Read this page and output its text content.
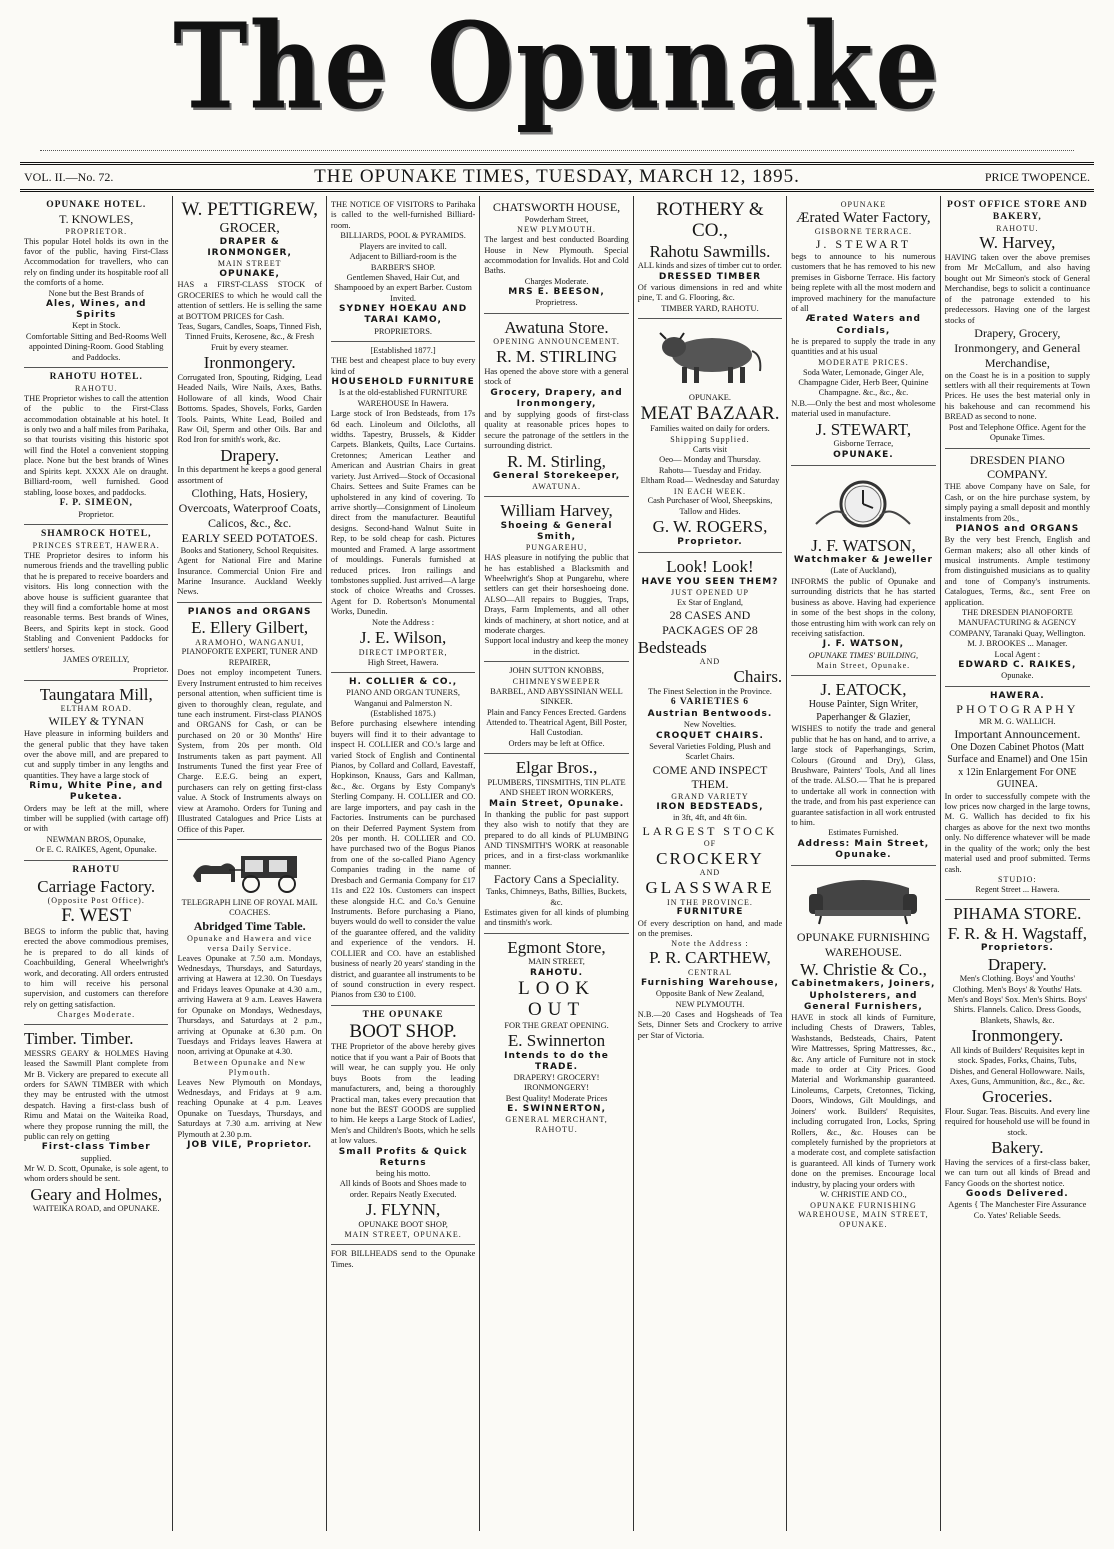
The Opunake
VOL. II.—No. 72.	THE OPUNAKE TIMES, TUESDAY, MARCH 12, 1895.	PRICE TWOPENCE.
OPUNAKE HOTEL.
T. KNOWLES,
PROPRIETOR.
This popular Hotel holds its own in the favor of the public, having First-Class Accommodation for travellers, who can rely on finding under its hospitable roof all the comforts of a home.
None but the Best Brands of
Ales, Wines, and Spirits
Kept in Stock.
Comfortable Sitting and Bed-Rooms Well appointed Dining-Room. Good Stabling and Paddocks.
RAHOTU HOTEL.
RAHOTU.
THE Proprietor wishes to call the attention of the public to the First-Class accommodation obtainable at his hotel. It is only two and a half miles from Parihaka, so that tourists visiting this historic spot will find the Hotel a convenient stopping place. None but the best brands of Wines and Spirits kept. XXXX Ale on draught. Billiard-room, well furnished. Good stabling, loose boxes, and paddocks.
F. P. SIMEON,
Proprietor.
SHAMROCK HOTEL,
PRINCES STREET, HAWERA.
THE Proprietor desires to inform his numerous friends and the travelling public that he is prepared to receive boarders and visitors. His long connection with the above house is sufficient guarantee that they will find a comfortable home at most reasonable terms. Best brands of Wines, Beers, and Spirits kept in stock. Good Stabling and Convenient Paddocks for settlers' horses.
JAMES O'REILLY,
Proprietor.
Taungatara Mill,
ELTHAM ROAD.
WILEY & TYNAN
Have pleasure in informing builders and the general public that they have taken over the above mill, and are prepared to cut and supply timber in any lengths and quantities. They have a large stock of
Rimu, White Pine, and Puketea.
Orders may be left at the mill, where timber will be supplied (with cartage off) or with
NEWMAN BROS, Opunake,
Or E. C. RAIKES, Agent, Opunake.
RAHOTU
Carriage Factory.
(Opposite Post Office).
F. WEST
BEGS to inform the public that, having erected the above commodious premises, he is prepared to do all kinds of Coachbuilding, General Wheelwright's work, and decorating. All orders entrusted to him will receive his personal supervision, and customers can therefore rely on getting satisfaction.
Charges Moderate.
Timber. Timber.
MESSRS GEARY & HOLMES Having leased the Sawmill Plant complete from Mr B. Vickery are prepared to execute all orders for SAWN TIMBER with which they may be entrusted with the utmost despatch. Having a first-class bush of Rimu and Matai on the Waiteika Road, where they propose running the mill, the public can rely on getting
First-class Timber
supplied.
Mr W. D. Scott, Opunake, is sole agent, to whom orders should be sent.
Geary and Holmes,
WAITEIKA ROAD, and OPUNAKE.
W. PETTIGREW,
GROCER,
DRAPER & IRONMONGER,
MAIN STREET
OPUNAKE,
HAS a FIRST-CLASS STOCK of GROCERIES to which he would call the attention of settlers. He is selling the same at BOTTOM PRICES for Cash.
Teas, Sugars, Candles, Soaps, Tinned Fish, Tinned Fruits, Kerosene, &c., & Fresh Fruit by every steamer.
Ironmongery.
Corrugated Iron, Spouting, Ridging, Lead Headed Nails, Wire Nails, Axes, Baths. Holloware of all kinds, Wood Chair Bottoms. Spades, Shovels, Forks, Garden Tools. Paints, White Lead, Boiled and Raw Oil, Sperm and other Oils. Bar and Rod Iron for smith's work, &c.
Drapery.
In this department he keeps a good general assortment of
Clothing, Hats, Hosiery, Overcoats, Waterproof Coats, Calicos, &c., &c.
EARLY SEED POTATOES.
Books and Stationery, School Requisites.
Agent for National Fire and Marine Insurance. Commercial Union Fire and Marine Insurance. Auckland Weekly News.
PIANOS and ORGANS
E. Ellery Gilbert,
ARAMOHO, WANGANUI,
PIANOFORTE EXPERT, TUNER AND REPAIRER,
Does not employ incompetent Tuners. Every Instrument entrusted to him receives personal attention, when sufficient time is given to thoroughly clean, regulate, and tune each instrument. First-class PIANOS and ORGANS for Cash, or can be purchased on 20 or 30 Months' Hire System, from 20s per month. Old Instruments taken as part payment. All Instruments Tuned the first year Free of Charge. E.E.G. being an expert, purchasers can rely on getting first-class value. A Stock of Instruments always on view at Aramoho. Orders for Tuning and Illustrated Catalogues and Price Lists at Office of this Paper.
TELEGRAPH LINE OF ROYAL MAIL COACHES.
Abridged Time Table.
Opunake and Hawera and vice versa Daily Service.
Leaves Opunake at 7.50 a.m. Mondays, Wednesdays, Thursdays, and Saturdays, arriving at Hawera at 12.30. On Tuesdays and Fridays leaves Opunake at 4.30 a.m., arriving Hawera at 9 a.m. Leaves Hawera for Opunake on Mondays, Wednesdays, Thursdays, and Saturdays at 2 p.m., arriving at Opunake at 6.30 p.m. On Tuesdays and Fridays leaves Hawera at noon, arriving at Opunake at 4.30.
Between Opunake and New Plymouth.
Leaves New Plymouth on Mondays, Wednesdays, and Fridays at 9 a.m. reaching Opunake at 4 p.m. Leaves Opunake on Tuesdays, Thursdays, and Saturdays at 7.30 a.m. arriving at New Plymouth at 2.30 p.m.
JOB VILE, Proprietor.
THE NOTICE OF VISITORS to Parihaka is called to the well-furnished Billiard-room.
BILLIARDS, POOL & PYRAMIDS.
Players are invited to call.
Adjacent to Billiard-room is the BARBER'S SHOP.
Gentlemen Shaved, Hair Cut, and Shampooed by an expert Barber. Custom Invited.
SYDNEY HOEKAU AND TARAI KAMO,
PROPRIETORS.
[Established 1877.]
THE best and cheapest place to buy every kind of
HOUSEHOLD FURNITURE
Is at the old-established FURNITURE WAREHOUSE In Hawera.
Large stock of Iron Bedsteads, from 17s 6d each. Linoleum and Oilcloths, all widths. Tapestry, Brussels, & Kidder Carpets. Blankets, Quilts, Lace Curtains. Cretonnes; American Leather and American and Austrian Chairs in great variety. Just Arrived—Stock of Occasional Chairs. Settees and Suite Frames can be upholstered in any kind of covering. To arrive shortly—Consignment of Linoleum direct from the manufacturer. Beautiful designs. Second-hand Walnut Suite in Rep, to be sold cheap for cash. Pictures mounted and Framed. A large assortment of mouldings. Funerals furnished at reduced prices. Iron railings and tombstones supplied. Just arrived—A large stock of choice Wreaths and Crosses. Agent for D. Robertson's Monumental Works, Dunedin.
Note the Address :
J. E. Wilson,
DIRECT IMPORTER,
High Street, Hawera.
H. COLLIER & CO.,
PIANO AND ORGAN TUNERS,
Wanganui and Palmerston N.
(Established 1875.)
Before purchasing elsewhere intending buyers will find it to their advantage to inspect H. COLLIER and CO.'s large and varied Stock of English and Continental Pianos, by Collard and Collard, Eavestaff, Hopkinson, Knauss, Gars and Kallman, &c., &c. Organs by Esty Company's Sterling Company. H. COLLIER and CO. are large importers, and pay cash in the Factories. Instruments can be purchased on their Deferred Payment System from 20s per month. H. COLLIER and CO. have purchased two of the Bogus Pianos from one of the so-called Piano Agency Companies trading in the name of Dresbach and Germania Company for £17 11s and £22 10s. Customers can inspect these alongside H.C. and Co.'s Genuine Instruments. Before purchasing a Piano, buyers would do well to consider the value of the guarantee offered, and the validity and experience of the vendors. H. COLLIER and CO. have an established business of nearly 20 years' standing in the district, and guarantee all instruments to be of sound construction in every respect. Pianos from £30 to £100.
THE OPUNAKE
BOOT SHOP.
THE Proprietor of the above hereby gives notice that if you want a Pair of Boots that will wear, he can supply you. He only buys Boots from the leading manufacturers, and, being a thoroughly Practical man, takes every precaution that none but the BEST GOODS are supplied to him. He keeps a Large Stock of Ladies', Men's and Children's Boots, which he sells at low values.
Small Profits & Quick Returns
being his motto.
All kinds of Boots and Shoes made to order. Repairs Neatly Executed.
J. FLYNN,
OPUNAKE BOOT SHOP,
MAIN STREET, OPUNAKE.
FOR BILLHEADS send to the Opunake Times.
CHATSWORTH HOUSE,
Powderham Street,
NEW PLYMOUTH.
The largest and best conducted Boarding House in New Plymouth. Special accommodation for Invalids. Hot and Cold Baths.
Charges Moderate.
MRS E. BEESON,
Proprietress.
Awatuna Store.
OPENING ANNOUNCEMENT.
R. M. STIRLING
Has opened the above store with a general stock of
Grocery, Drapery, and Ironmongery,
and by supplying goods of first-class quality at reasonable prices hopes to secure the patronage of the settlers in the surrounding district.
R. M. Stirling,
General Storekeeper,
AWATUNA.
William Harvey,
Shoeing & General Smith,
PUNGAREHU,
HAS pleasure in notifying the public that he has established a Blacksmith and Wheelwright's Shop at Pungarehu, where settlers can get their horseshoeing done. ALSO—All repairs to Buggies, Traps, Drays, Farm Implements, and all other kinds of machinery, at short notice, and at moderate charges.
Support local industry and keep the money in the district.
JOHN SUTTON KNOBBS,
CHIMNEYSWEEPER
BARBEL, AND ABYSSINIAN WELL SINKER.
Plain and Fancy Fences Erected. Gardens Attended to. Theatrical Agent, Bill Poster, Hall Custodian.
Orders may be left at Office.
Elgar Bros.,
PLUMBERS, TINSMITHS, TIN PLATE AND SHEET IRON WORKERS,
Main Street, Opunake.
In thanking the public for past support they also wish to notify that they are prepared to do all kinds of PLUMBING AND TINSMITH'S WORK at reasonable prices, and in a first-class workmanlike manner.
Factory Cans a Speciality.
Tanks, Chimneys, Baths, Billies, Buckets, &c.
Estimates given for all kinds of plumbing and tinsmith's work.
Egmont Store,
MAIN STREET,
RAHOTU.
LOOK OUT
FOR THE GREAT OPENING.
E. Swinnerton
Intends to do the TRADE.
DRAPERY! GROCERY! IRONMONGERY!
Best Quality! Moderate Prices
E. SWINNERTON,
GENERAL MERCHANT,
RAHOTU.
ROTHERY & CO.,
Rahotu Sawmills.
ALL kinds and sizes of timber cut to order.
DRESSED TIMBER
Of various dimensions in red and white pine, T. and G. Flooring, &c.
TIMBER YARD, RAHOTU.
OPUNAKE.
MEAT BAZAAR.
Families waited on daily for orders.
Shipping Supplied.
Carts visit
Oeo— Monday and Thursday.
Rahotu— Tuesday and Friday.
Eltham Road— Wednesday and Saturday
IN EACH WEEK.
Cash Purchaser of Wool, Sheepskins, Tallow and Hides.
G. W. ROGERS,
Proprietor.
Look! Look!
HAVE YOU SEEN THEM?
JUST OPENED UP
Ex Star of England,
28 CASES AND PACKAGES OF 28
Bedsteads
AND
Chairs.
The Finest Selection in the Province.
6 VARIETIES 6
Austrian Bentwoods.
New Novelties.
CROQUET CHAIRS.
Several Varieties Folding, Plush and Scarlet Chairs.
COME AND INSPECT THEM.
GRAND VARIETY
IRON BEDSTEADS,
in 3ft, 4ft, and 4ft 6in.
LARGEST STOCK
OF
CROCKERY
AND
GLASSWARE
IN THE PROVINCE.
FURNITURE
Of every description on hand, and made on the premises.
Note the Address :
P. R. CARTHEW,
CENTRAL
Furnishing Warehouse,
Opposite Bank of New Zealand,
NEW PLYMOUTH.
N.B.—20 Cases and Hogsheads of Tea Sets, Dinner Sets and Crockery to arrive per Star of Victoria.
OPUNAKE
Ærated Water Factory,
GISBORNE TERRACE.
J. STEWART
begs to announce to his numerous customers that he has removed to his new premises in Gisborne Terrace. His factory being replete with all the most modern and improved machinery for the manufacture of all
Ærated Waters and Cordials,
he is prepared to supply the trade in any quantities and at his usual
MODERATE PRICES.
Soda Water, Lemonade, Ginger Ale, Champagne Cider, Herb Beer, Quinine Champagne. &c., &c., &c.
N.B.—Only the best and most wholesome material used in manufacture.
J. STEWART,
Gisborne Terrace,
OPUNAKE.
J. F. WATSON,
Watchmaker & Jeweller
(Late of Auckland),
INFORMS the public of Opunake and surrounding districts that he has started business as above. Having had experience in some of the best shops in the colony, those entrusting him with work can rely on receiving satisfaction.
J. F. WATSON,
OPUNAKE TIMES' BUILDING,
Main Street, Opunake.
J. EATOCK,
House Painter, Sign Writer, Paperhanger & Glazier,
WISHES to notify the trade and general public that he has on hand, and to arrive, a large stock of Paperhangings, Scrim, Colours (Ground and Dry), Glass, Brushware, Painters' Tools, And all lines of the trade. ALSO.— That he is prepared to undertake all work in connection with the trade, and from his past experience can guarantee satisfaction in all work entrusted to him.
Estimates Furnished.
Address: Main Street, Opunake.
OPUNAKE FURNISHING WAREHOUSE.
W. Christie & Co.,
Cabinetmakers, Joiners, Upholsterers, and General Furnishers,
HAVE in stock all kinds of Furniture, including Chests of Drawers, Tables, Washstands, Bedsteads, Chairs, Patent Wire Mattresses, Spring Mattresses, &c., &c. Any article of Furniture not in stock made to order at City Prices. Good Material and Workmanship guaranteed. Linoleums, Carpets, Cretonnes, Ticking, Doors, Windows, Gilt Mouldings, and Joiners' work. Builders' Requisites, including corrugated Iron, Locks, Spring Rollers, &c., &c. Houses can be completely furnished by the proprietors at a moderate cost, and complete satisfaction is guaranteed. All kinds of Turnery work done on the premises. Encourage local industry, by placing your orders with
W. CHRISTIE AND CO.,
OPUNAKE FURNISHING WAREHOUSE, MAIN STREET, OPUNAKE.
POST OFFICE STORE AND BAKERY,
RAHOTU.
W. Harvey,
HAVING taken over the above premises from Mr McCallum, and also having bought out Mr Simeon's stock of General Merchandise, begs to solicit a continuance of the patronage extended to his predecessors. Having one of the largest stocks of
Drapery, Grocery, Ironmongery, and General Merchandise,
on the Coast he is in a position to supply settlers with all their requirements at Town Prices. He uses the best material only in his bakehouse and can recommend his BREAD as second to none.
Post and Telephone Office. Agent for the Opunake Times.
DRESDEN PIANO COMPANY.
THE above Company have on Sale, for Cash, or on the hire purchase system, by simply paying a small deposit and monthly instalments from 20s.,
PIANOS and ORGANS
By the very best French, English and German makers; also all other kinds of musical instruments. Ample testimony from distinguished musicians as to quality and tone of Company's instruments. Catalogues, Terms, &c., sent Free on application.
THE DRESDEN PIANOFORTE MANUFACTURING & AGENCY COMPANY, Taranaki Quay, Wellington.
M. J. BROOKES ... Manager.
Local Agent :
EDWARD C. RAIKES,
Opunake.
HAWERA.
PHOTOGRAPHY
MR M. G. WALLICH.
Important Announcement.
One Dozen Cabinet Photos (Matt Surface and Enamel) and One 15in x 12in Enlargement For ONE GUINEA.
In order to successfully compete with the low prices now charged in the large towns, M. G. Wallich has decided to fix his charges as above for the next two months only. No difference whatever will be made in the quality of the work; only the best material used and proof submitted. Terms cash.
STUDIO:
Regent Street ... Hawera.
PIHAMA STORE.
F. R. & H. Wagstaff,
Proprietors.
Drapery.
Men's Clothing. Boys' and Youths' Clothing. Men's Boys' & Youths' Hats. Men's and Boys' Sox. Men's Shirts. Boys' Shirts. Flannels. Calico. Dress Goods, Blankets, Shawls, &c.
Ironmongery.
All kinds of Builders' Requisites kept in stock. Spades, Forks, Chains, Tubs, Dishes, and General Hollowware. Nails, Axes, Guns, Ammunition, &c., &c., &c.
Groceries.
Flour. Sugar. Teas. Biscuits. And every line required for household use will be found in stock.
Bakery.
Having the services of a first-class baker, we can turn out all kinds of Bread and Fancy Goods on the shortest notice.
Goods Delivered.
Agents { The Manchester Fire Assurance Co. Yates' Reliable Seeds.
